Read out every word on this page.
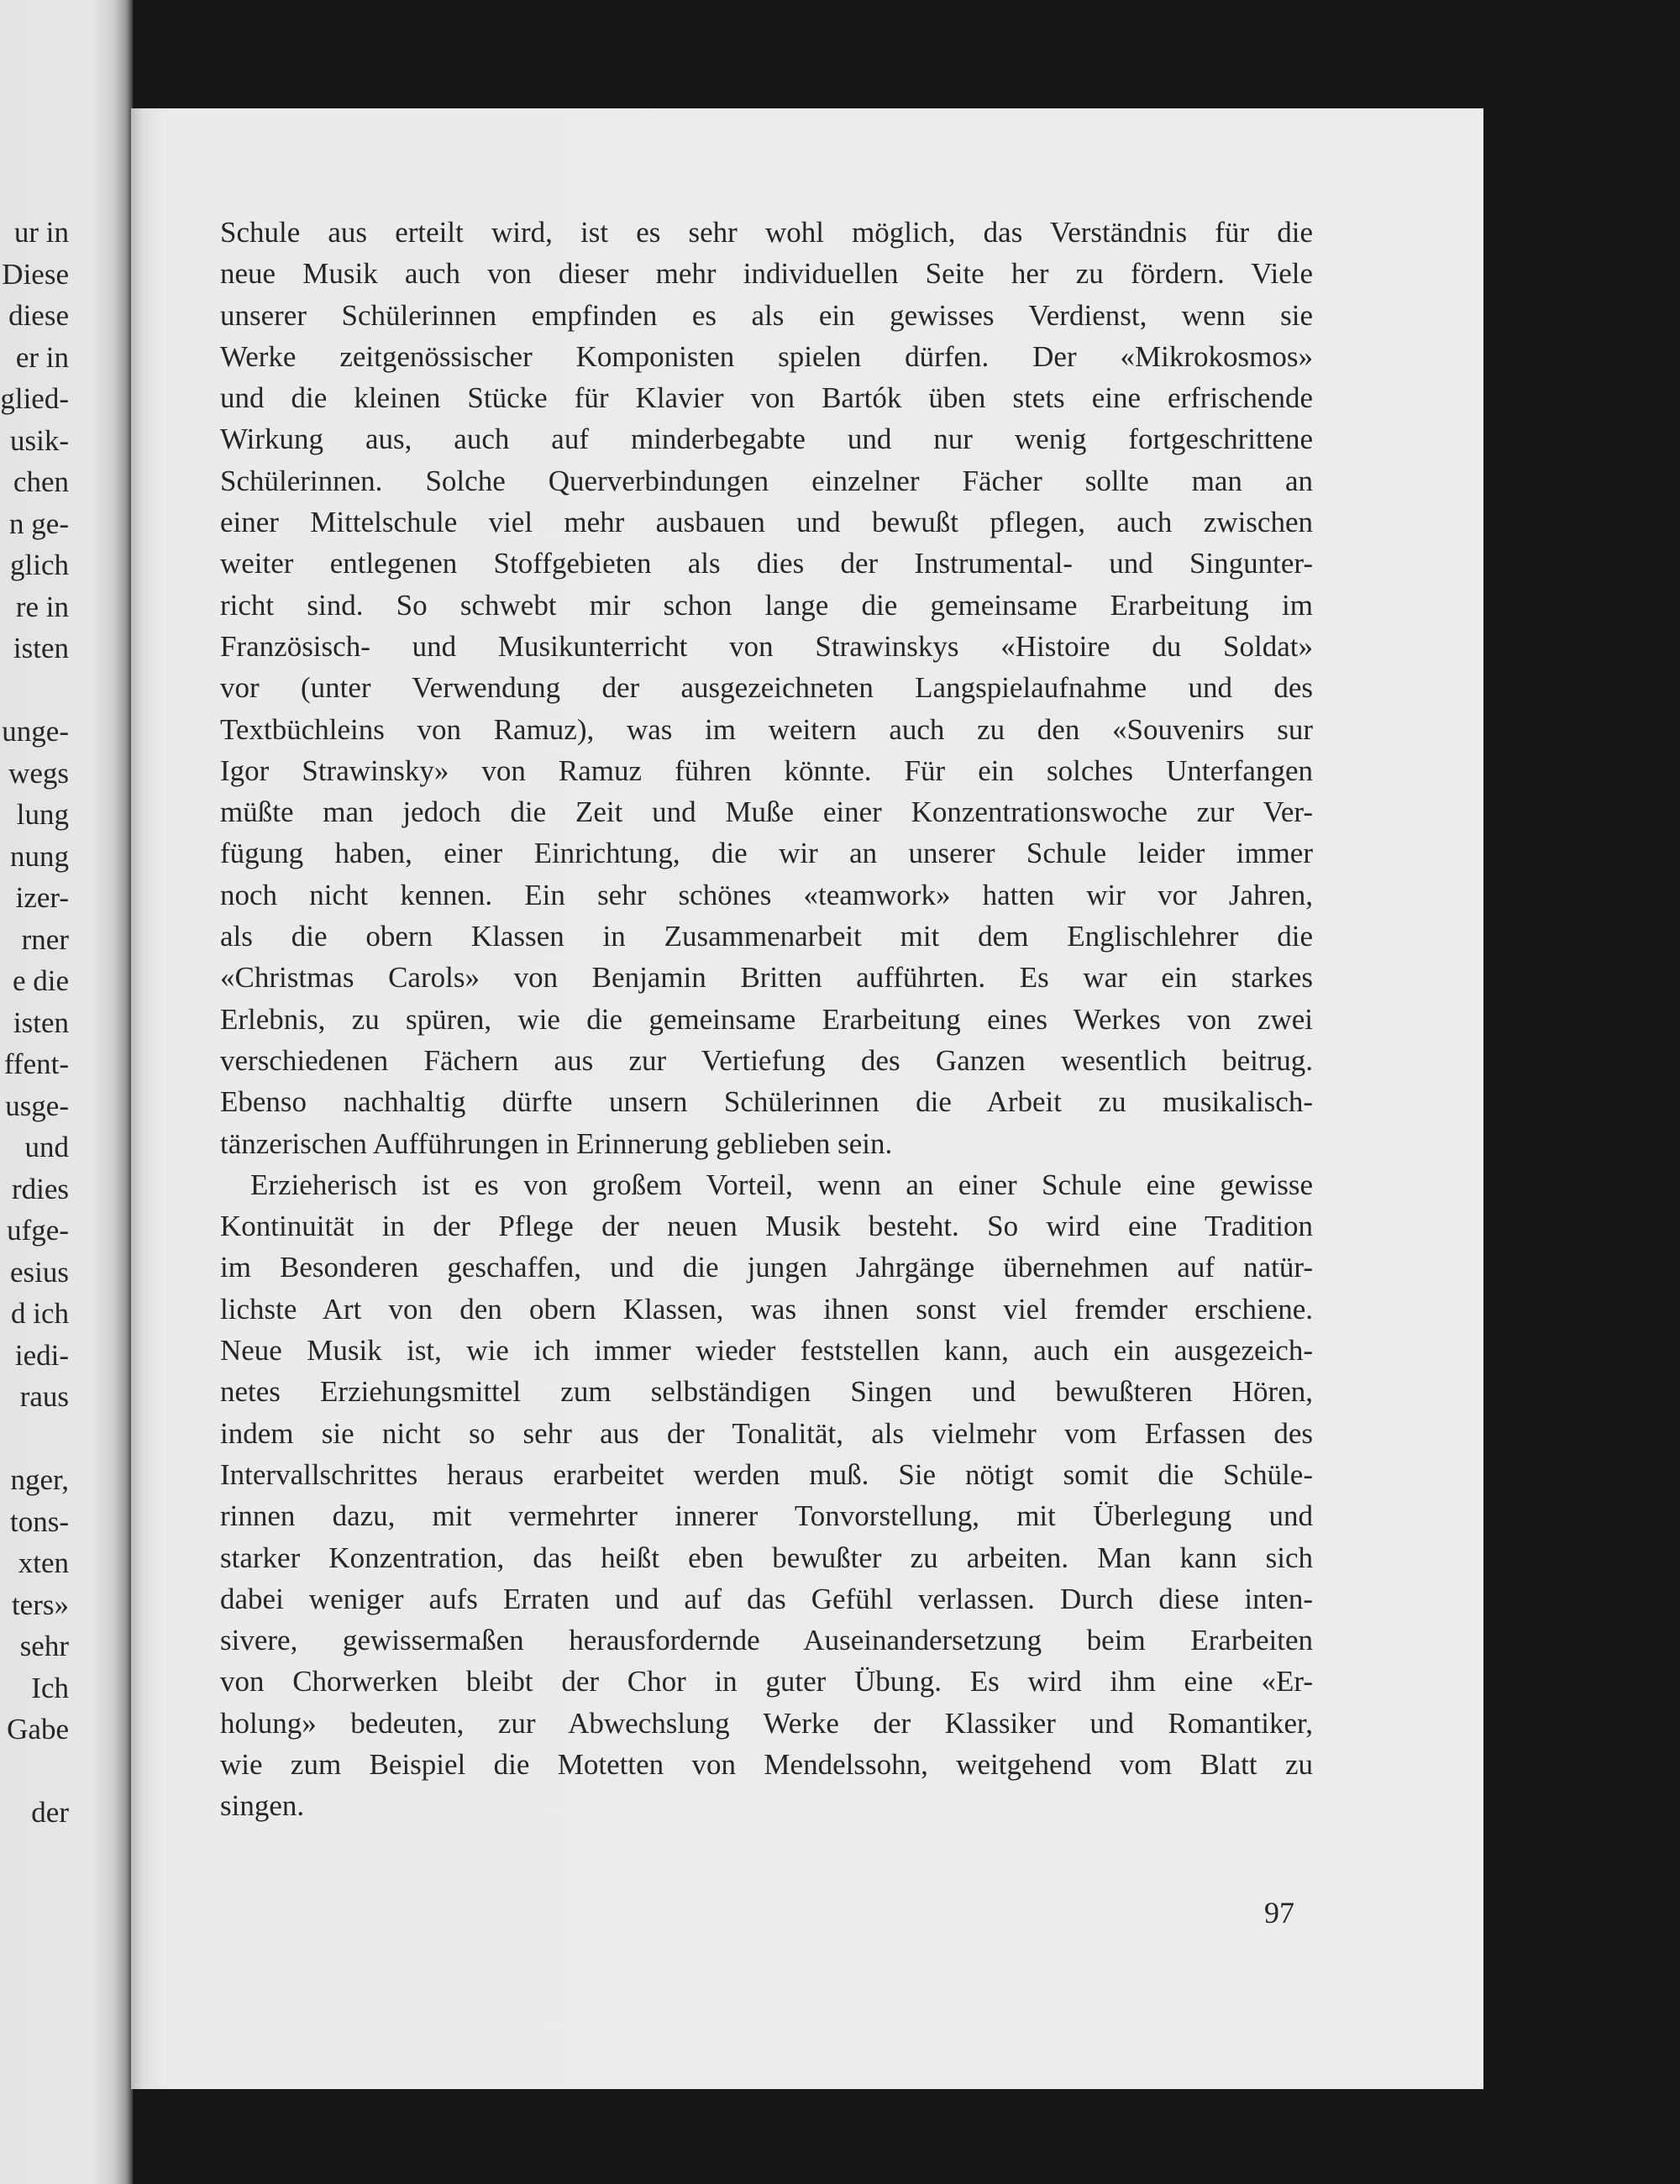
ur in
Diese
diese
er in
glied-
usik-
chen
n ge-
glich
re in
isten
unge-
wegs
lung
nung
izer-
rner
e die
isten
ffent-
usge-
und
rdies
ufge-
esius
d ich
iedi-
raus
nger,
tons-
xten
ters»
sehr
Ich
Gabe
der
Schule aus erteilt wird, ist es sehr wohl möglich, das Verständnis für die
neue Musik auch von dieser mehr individuellen Seite her zu fördern. Viele
unserer Schülerinnen empfinden es als ein gewisses Verdienst, wenn sie
Werke zeitgenössischer Komponisten spielen dürfen. Der «Mikrokosmos»
und die kleinen Stücke für Klavier von Bartók üben stets eine erfrischende
Wirkung aus, auch auf minderbegabte und nur wenig fortgeschrittene
Schülerinnen. Solche Querverbindungen einzelner Fächer sollte man an
einer Mittelschule viel mehr ausbauen und bewußt pflegen, auch zwischen
weiter entlegenen Stoffgebieten als dies der Instrumental- und Singunter-
richt sind. So schwebt mir schon lange die gemeinsame Erarbeitung im
Französisch- und Musikunterricht von Strawinskys «Histoire du Soldat»
vor (unter Verwendung der ausgezeichneten Langspielaufnahme und des
Textbüchleins von Ramuz), was im weitern auch zu den «Souvenirs sur
Igor Strawinsky» von Ramuz führen könnte. Für ein solches Unterfangen
müßte man jedoch die Zeit und Muße einer Konzentrationswoche zur Ver-
fügung haben, einer Einrichtung, die wir an unserer Schule leider immer
noch nicht kennen. Ein sehr schönes «teamwork» hatten wir vor Jahren,
als die obern Klassen in Zusammenarbeit mit dem Englischlehrer die
«Christmas Carols» von Benjamin Britten aufführten. Es war ein starkes
Erlebnis, zu spüren, wie die gemeinsame Erarbeitung eines Werkes von zwei
verschiedenen Fächern aus zur Vertiefung des Ganzen wesentlich beitrug.
Ebenso nachhaltig dürfte unsern Schülerinnen die Arbeit zu musikalisch-
tänzerischen Aufführungen in Erinnerung geblieben sein.
Erzieherisch ist es von großem Vorteil, wenn an einer Schule eine gewisse
Kontinuität in der Pflege der neuen Musik besteht. So wird eine Tradition
im Besonderen geschaffen, und die jungen Jahrgänge übernehmen auf natür-
lichste Art von den obern Klassen, was ihnen sonst viel fremder erschiene.
Neue Musik ist, wie ich immer wieder feststellen kann, auch ein ausgezeich-
netes Erziehungsmittel zum selbständigen Singen und bewußteren Hören,
indem sie nicht so sehr aus der Tonalität, als vielmehr vom Erfassen des
Intervallschrittes heraus erarbeitet werden muß. Sie nötigt somit die Schüle-
rinnen dazu, mit vermehrter innerer Tonvorstellung, mit Überlegung und
starker Konzentration, das heißt eben bewußter zu arbeiten. Man kann sich
dabei weniger aufs Erraten und auf das Gefühl verlassen. Durch diese inten-
sivere, gewissermaßen herausfordernde Auseinandersetzung beim Erarbeiten
von Chorwerken bleibt der Chor in guter Übung. Es wird ihm eine «Er-
holung» bedeuten, zur Abwechslung Werke der Klassiker und Romantiker,
wie zum Beispiel die Motetten von Mendelssohn, weitgehend vom Blatt zu
singen.
97
